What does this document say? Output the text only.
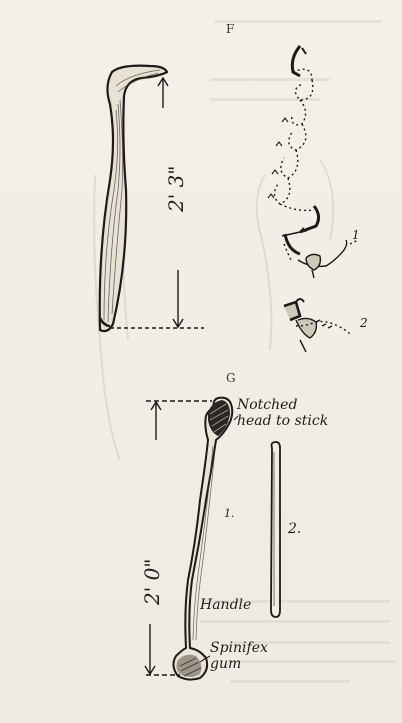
F
G
2' 3"
1
2
Notched
head to stick
Handle
Spinifex
gum
2' 0"
1.
2.
